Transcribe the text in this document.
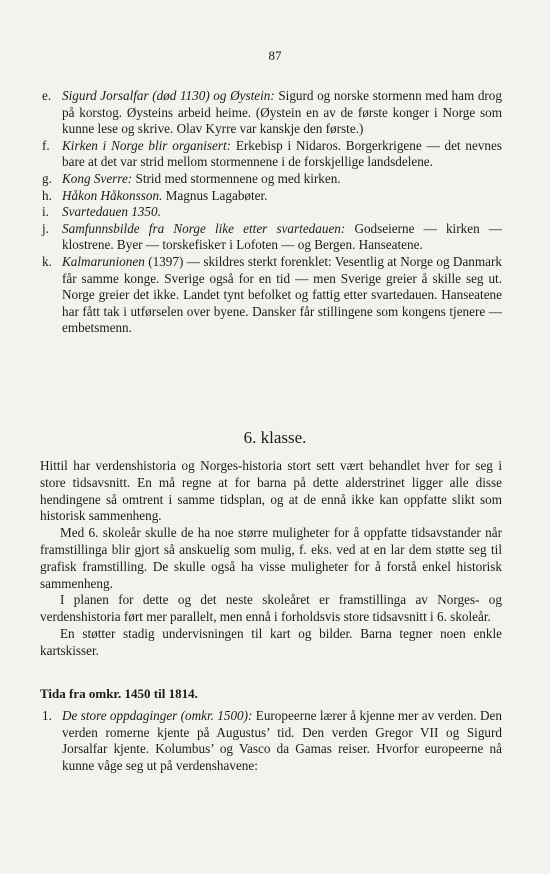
87
e. Sigurd Jorsalfar (død 1130) og Øystein: Sigurd og norske stormenn med ham drog på korstog. Øysteins arbeid heime. (Øystein en av de første konger i Norge som kunne lese og skrive. Olav Kyrre var kanskje den første.)
f. Kirken i Norge blir organisert: Erkebisp i Nidaros. Borgerkrigene — det nevnes bare at det var strid mellom stormennene i de forskjellige landsdelene.
g. Kong Sverre: Strid med stormennene og med kirken.
h. Håkon Håkonsson. Magnus Lagabøter.
i. Svartedauen 1350.
j. Samfunnsbilde fra Norge like etter svartedauen: Godseierne — kirken — klostrene. Byer — torskefiskeт i Lofoten — og Bergen. Hanseatene.
k. Kalmarunionen (1397) — skildres sterkt forenklet: Vesentlig at Norge og Danmark får samme konge. Sverige også for en tid — men Sverige greier å skille seg ut. Norge greier det ikke. Landet tynt befolket og fattig etter svartedauen. Hanseatene har fått tak i utførselen over byene. Dansker får stillingene som kongens tjenere — embetsmenn.
6. klasse.

Hittil har verdenshistoria og Norges-historia stort sett vært behandlet hver for seg i store tidsavsnitt. En må regne at for barna på dette alderstrinet ligger alle disse hendingene så omtrent i samme tidsplan, og at de ennå ikke kan oppfatte slikt som historisk sammenheng.

Med 6. skoleår skulle de ha noe større muligheter for å oppfatte tidsavstander når framstillinga blir gjort så anskuelig som mulig, f. eks. ved at en lar dem støtte seg til grafisk framstilling. De skulle også ha visse muligheter for å forstå enkel historisk sammenheng.

I planen for dette og det neste skoleåret er framstillinga av Norges- og verdenshistoria ført mer parallelt, men ennå i forholdsvis store tidsavsnitt i 6. skoleår.

En støtter stadig undervisningen til kart og bilder. Barna tegner noen enkle kartskisser.

Tida fra omkr. 1450 til 1814.
1. De store oppdaginger (omkr. 1500): Europeerne lærer å kjenne mer av verden. Den verden romerne kjente på Augustus’ tid. Den verden Gregor VII og Sigurd Jorsalfar kjente. Kolumbus’ og Vasco da Gamas reiser. Hvorfor europeerne nå kunne våge seg ut på verdenshavene:
